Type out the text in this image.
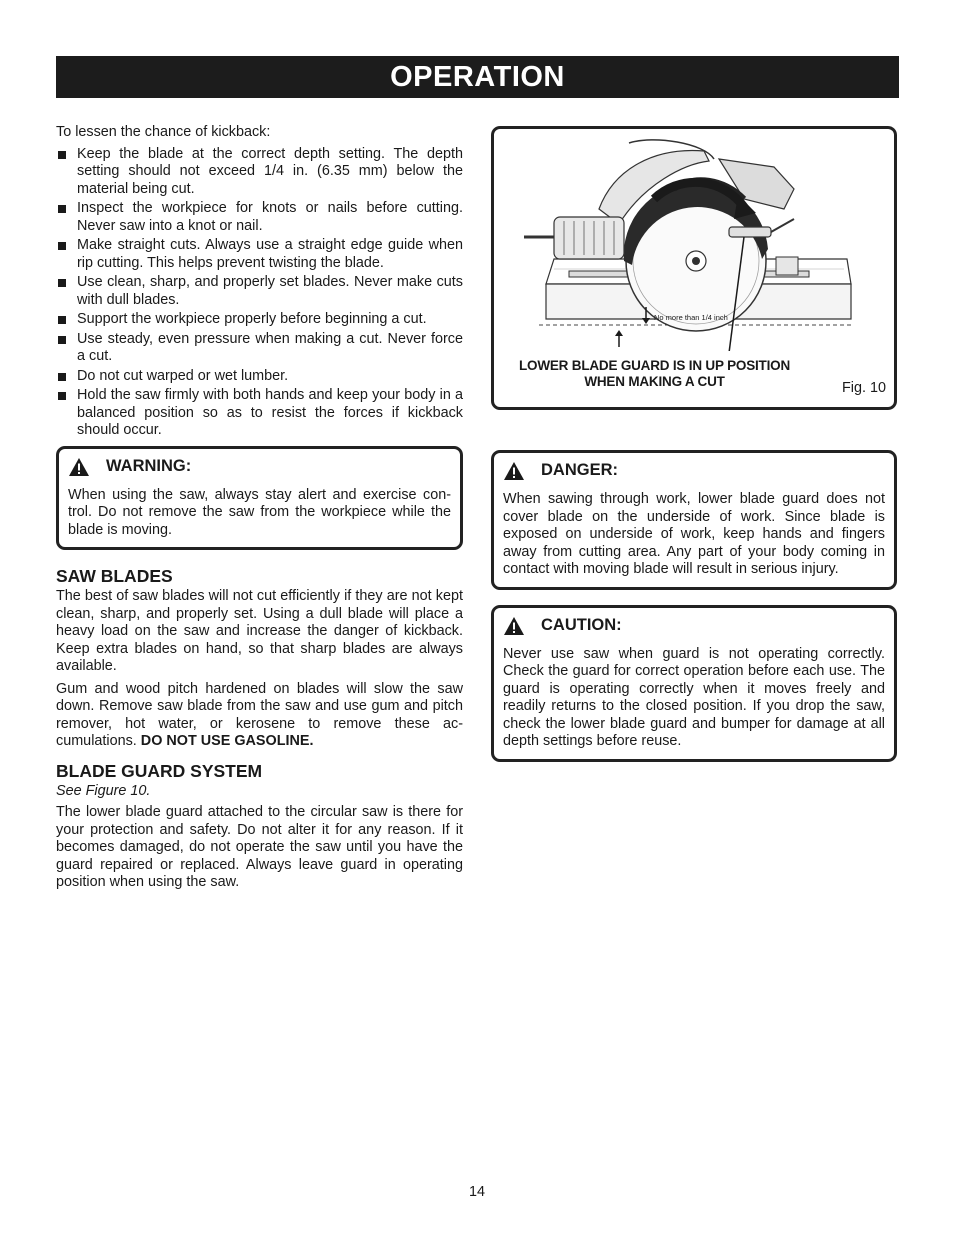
OPERATION

To lessen the chance of kickback:

Keep the blade at the correct depth setting. The depth setting should not exceed 1/4 in. (6.35 mm) below the material being cut.
Inspect the workpiece for knots or nails before cutting. Never saw into a knot or nail.
Make straight cuts. Always use a straight edge guide when rip cutting. This helps prevent twisting the blade.
Use clean, sharp, and properly set blades. Never make cuts with dull blades.
Support the workpiece properly before beginning a cut.
Use steady, even pressure when making a cut. Never force a cut.
Do not cut warped or wet lumber.
Hold the saw firmly with both hands and keep your body in a balanced position so as to resist the forces if kickback should occur.
WARNING:
When using the saw, always stay alert and exercise con-trol. Do not remove the saw from the workpiece while the blade is moving.
SAW BLADES

The best of saw blades will not cut efficiently if they are not kept clean, sharp, and properly set. Using a dull blade will place a heavy load on the saw and increase the danger of kickback. Keep extra blades on hand, so that sharp blades are always available.

Gum and wood pitch hardened on blades will slow the saw down. Remove saw blade from the saw and use gum and pitch remover, hot water, or kerosene to remove these ac-cumulations. DO NOT USE GASOLINE.

BLADE GUARD SYSTEM

See Figure 10.

The lower blade guard attached to the circular saw is there for your protection and safety. Do not alter it for any reason. If it becomes damaged, do not operate the saw until you have the guard repaired or replaced. Always leave guard in operating position when using the saw.

No more than 1/4 inch
LOWER BLADE GUARD IS IN UP POSITION
WHEN MAKING A CUT	Fig. 10
DANGER:
When sawing through work, lower blade guard does not cover blade on the underside of work. Since blade is exposed on underside of work, keep hands and fingers away from cutting area. Any part of your body coming in contact with moving blade will result in serious injury.
CAUTION:
Never use saw when guard is not operating correctly. Check the guard for correct operation before each use. The guard is operating correctly when it moves freely and readily returns to the closed position. If you drop the saw, check the lower blade guard and bumper for damage at all depth settings before reuse.
14
